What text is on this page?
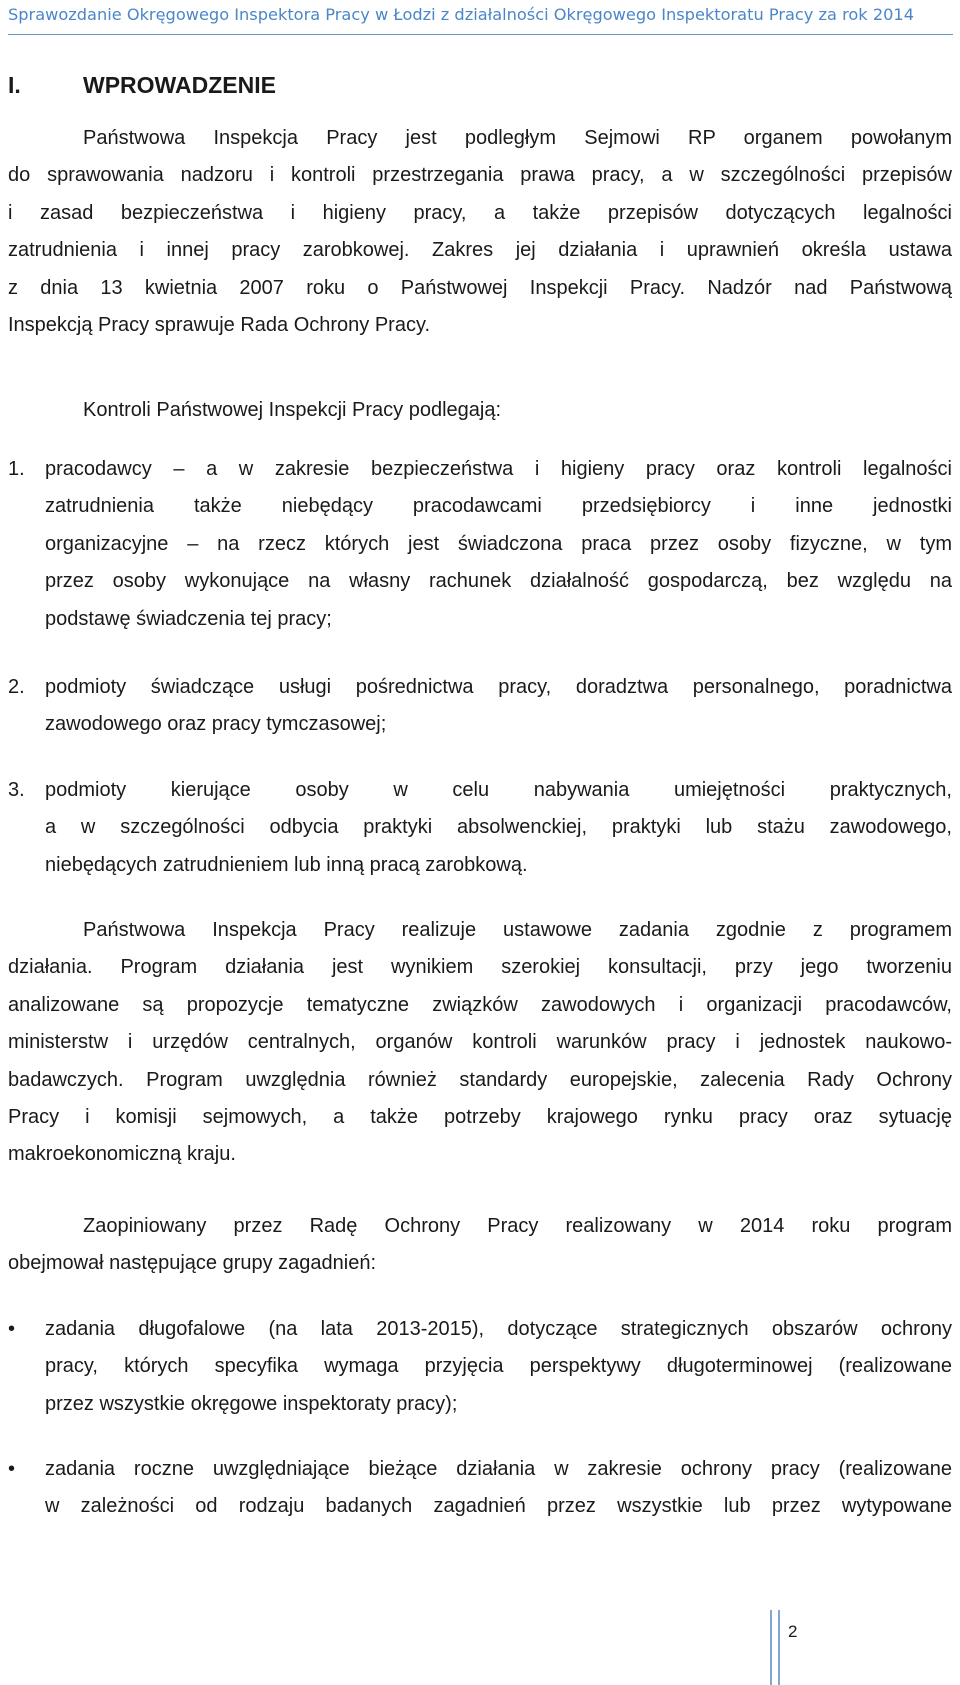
Sprawozdanie Okręgowego Inspektora Pracy w Łodzi z działalności Okręgowego Inspektoratu Pracy za rok 2014
I.	WPROWADZENIE
Państwowa Inspekcja Pracy jest podległym Sejmowi RP organem powołanym
do sprawowania nadzoru i kontroli przestrzegania prawa pracy, a w szczególności przepisów
i zasad bezpieczeństwa i higieny pracy, a także przepisów dotyczących legalności
zatrudnienia i innej pracy zarobkowej. Zakres jej działania i uprawnień określa ustawa
z dnia 13 kwietnia 2007 roku o Państwowej Inspekcji Pracy. Nadzór nad Państwową
Inspekcją Pracy sprawuje Rada Ochrony Pracy.
Kontroli Państwowej Inspekcji Pracy podlegają:
1. pracodawcy – a w zakresie bezpieczeństwa i higieny pracy oraz kontroli legalności
zatrudnienia także niebędący pracodawcami przedsiębiorcy i inne jednostki
organizacyjne – na rzecz których jest świadczona praca przez osoby fizyczne, w tym
przez osoby wykonujące na własny rachunek działalność gospodarczą, bez względu na
podstawę świadczenia tej pracy;
2. podmioty świadczące usługi pośrednictwa pracy, doradztwa personalnego, poradnictwa
zawodowego oraz pracy tymczasowej;
3. podmioty kierujące osoby w celu nabywania umiejętności praktycznych,
a w szczególności odbycia praktyki absolwenckiej, praktyki lub stażu zawodowego,
niebędących zatrudnieniem lub inną pracą zarobkową.
Państwowa Inspekcja Pracy realizuje ustawowe zadania zgodnie z programem
działania. Program działania jest wynikiem szerokiej konsultacji, przy jego tworzeniu
analizowane są propozycje tematyczne związków zawodowych i organizacji pracodawców,
ministerstw i urzędów centralnych, organów kontroli warunków pracy i jednostek naukowo-
badawczych. Program uwzględnia również standardy europejskie, zalecenia Rady Ochrony
Pracy i komisji sejmowych, a także potrzeby krajowego rynku pracy oraz sytuację
makroekonomiczną kraju.
Zaopiniowany przez Radę Ochrony Pracy realizowany w 2014 roku program
obejmował następujące grupy zagadnień:
• zadania długofalowe (na lata 2013-2015), dotyczące strategicznych obszarów ochrony
pracy, których specyfika wymaga przyjęcia perspektywy długoterminowej (realizowane
przez wszystkie okręgowe inspektoraty pracy);
• zadania roczne uwzględniające bieżące działania w zakresie ochrony pracy (realizowane
w zależności od rodzaju badanych zagadnień przez wszystkie lub przez wytypowane
2
